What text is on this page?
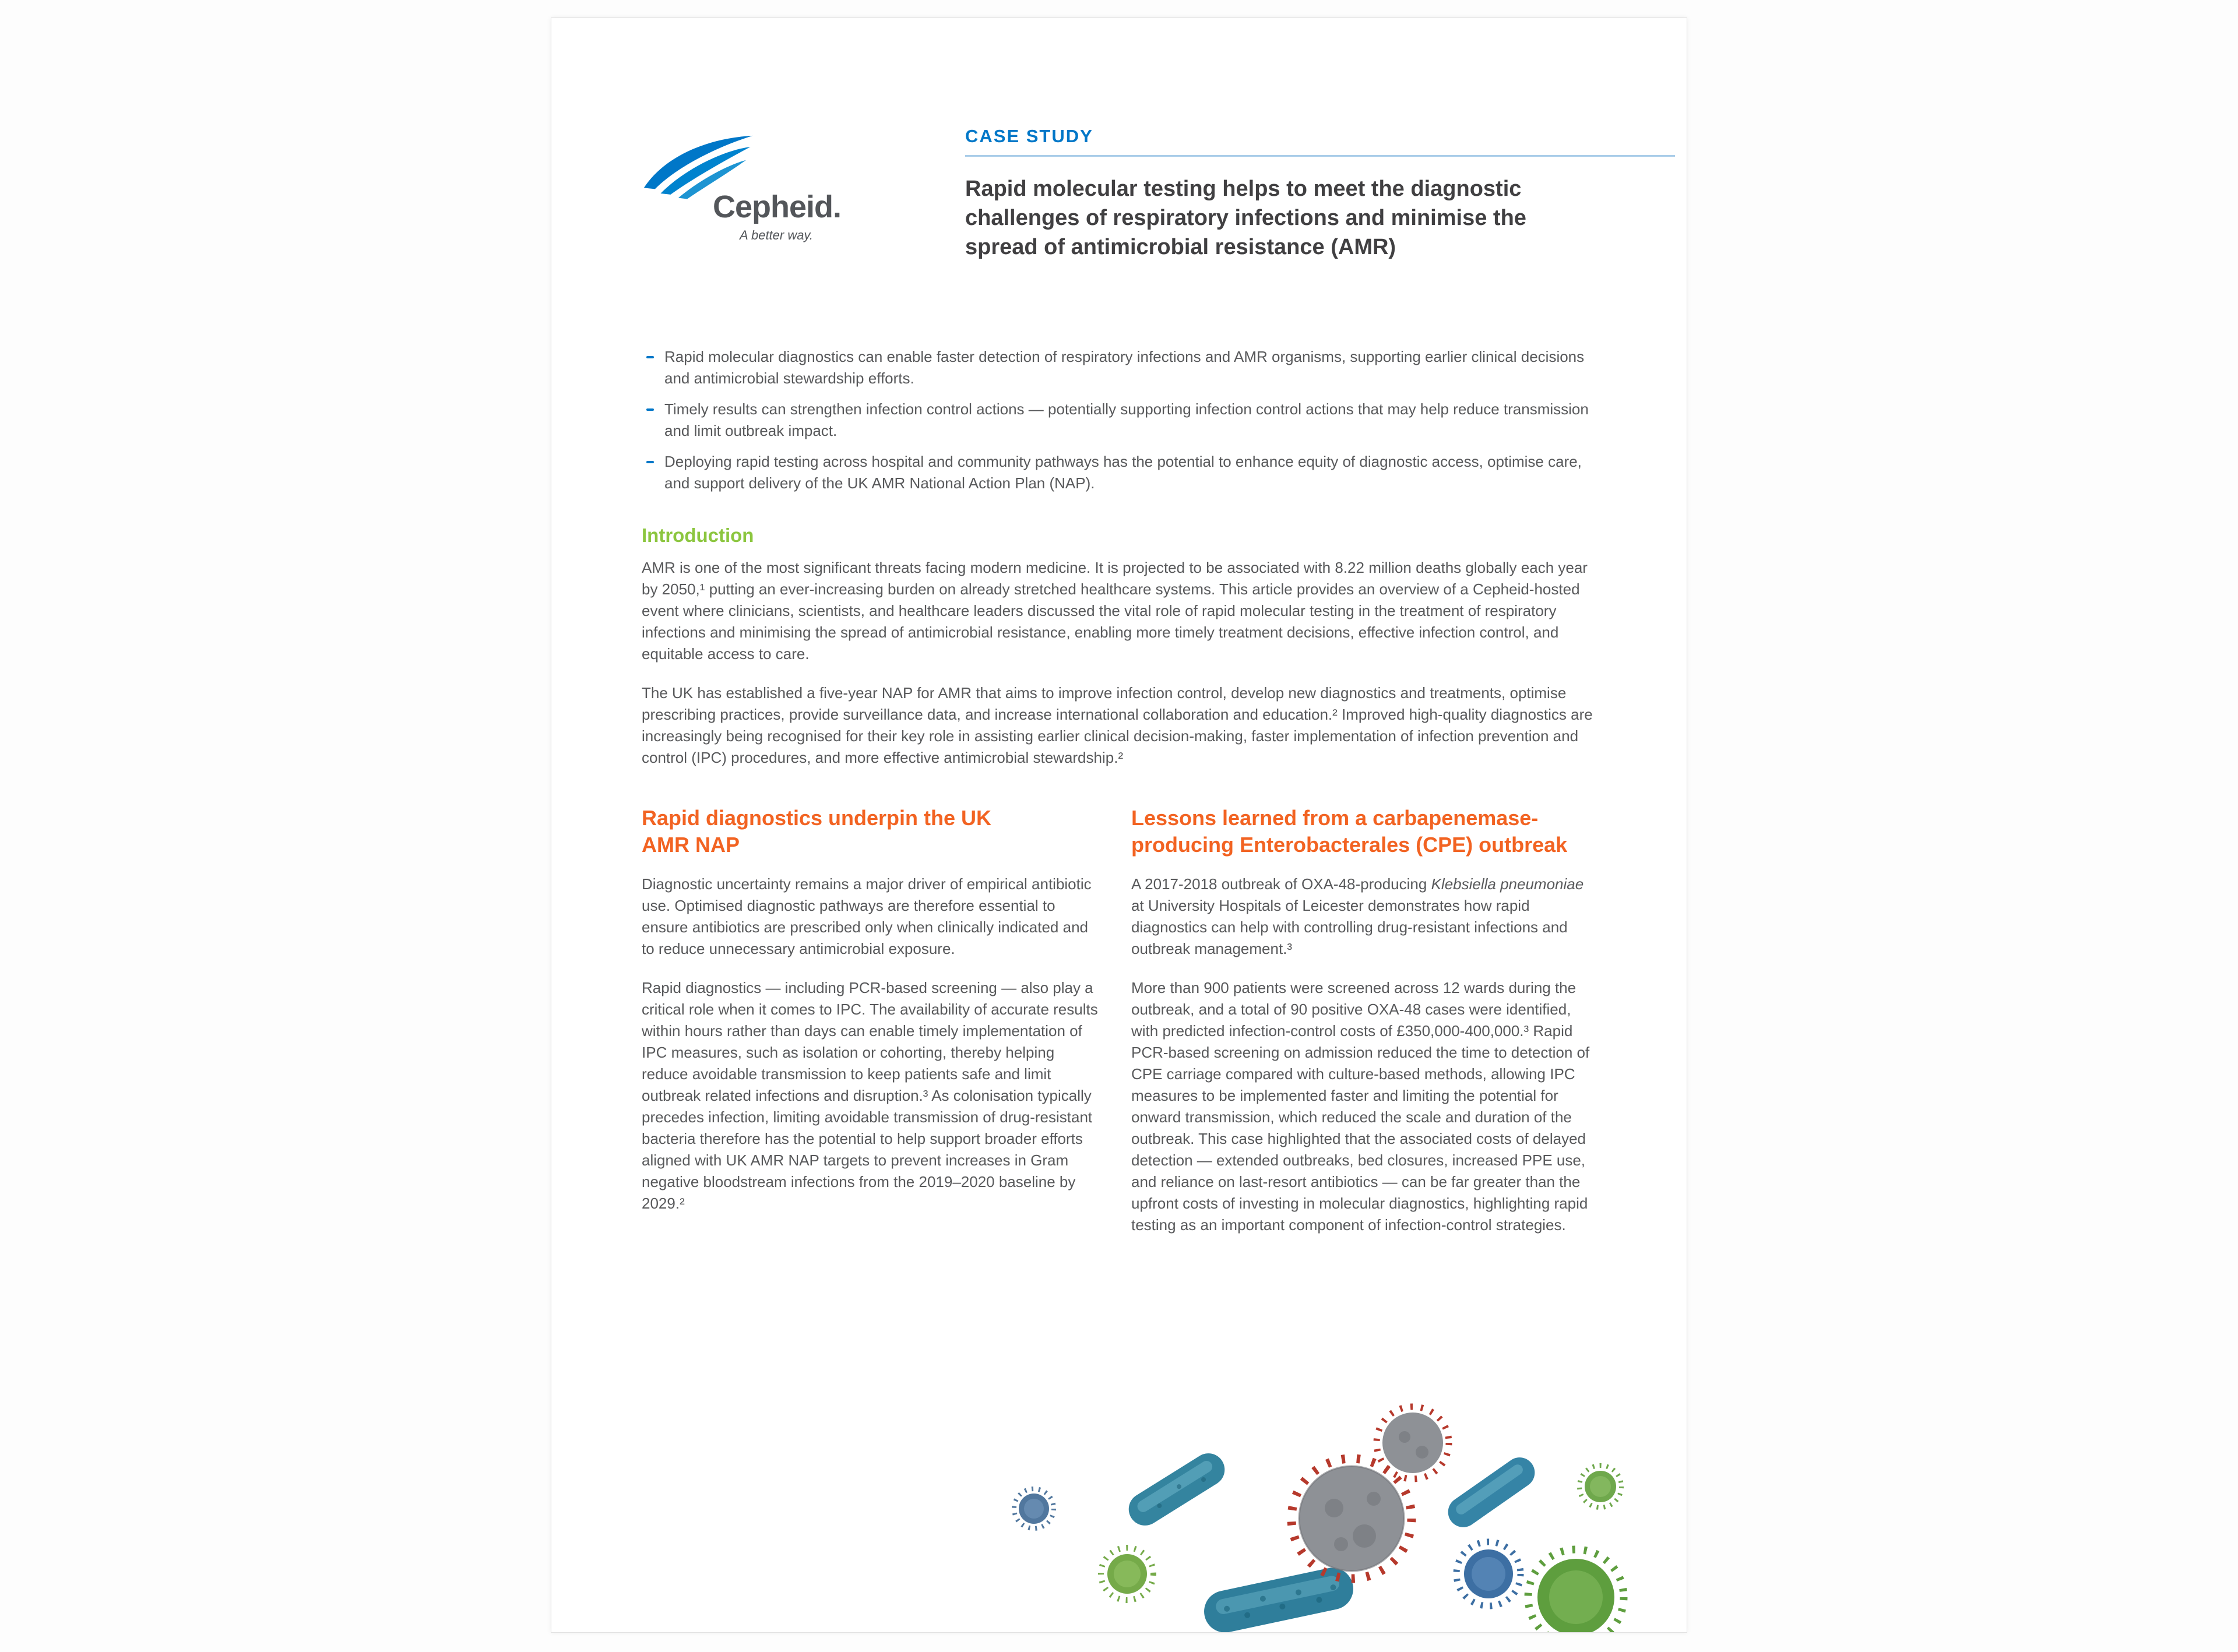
Cepheid.
A better way.
CASE STUDY
Rapid molecular testing helps to meet the diagnostic challenges of respiratory infections and minimise the spread of antimicrobial resistance (AMR)
Rapid molecular diagnostics can enable faster detection of respiratory infections and AMR organisms, supporting earlier clinical decisions and antimicrobial stewardship efforts.
Timely results can strengthen infection control actions — potentially supporting infection control actions that may help reduce transmission and limit outbreak impact.
Deploying rapid testing across hospital and community pathways has the potential to enhance equity of diagnostic access, optimise care, and support delivery of the UK AMR National Action Plan (NAP).
Introduction

AMR is one of the most significant threats facing modern medicine. It is projected to be associated with 8.22 million deaths globally each year by 2050,¹ putting an ever-increasing burden on already stretched healthcare systems. This article provides an overview of a Cepheid-hosted event where clinicians, scientists, and healthcare leaders discussed the vital role of rapid molecular testing in the treatment of respiratory infections and minimising the spread of antimicrobial resistance, enabling more timely treatment decisions, effective infection control, and equitable access to care.

The UK has established a five-year NAP for AMR that aims to improve infection control, develop new diagnostics and treatments, optimise prescribing practices, provide surveillance data, and increase international collaboration and education.² Improved high-quality diagnostics are increasingly being recognised for their key role in assisting earlier clinical decision-making, faster implementation of infection prevention and control (IPC) procedures, and more effective antimicrobial stewardship.²

Rapid diagnostics underpin the UK AMR NAP

Diagnostic uncertainty remains a major driver of empirical antibiotic use. Optimised diagnostic pathways are therefore essential to ensure antibiotics are prescribed only when clinically indicated and to reduce unnecessary antimicrobial exposure.

Rapid diagnostics — including PCR-based screening — also play a critical role when it comes to IPC. The availability of accurate results within hours rather than days can enable timely implementation of IPC measures, such as isolation or cohorting, thereby helping reduce avoidable transmission to keep patients safe and limit outbreak related infections and disruption.³ As colonisation typically precedes infection, limiting avoidable transmission of drug-resistant bacteria therefore has the potential to help support broader efforts aligned with UK AMR NAP targets to prevent increases in Gram negative bloodstream infections from the 2019–2020 baseline by 2029.²

Lessons learned from a carbapenemase-producing Enterobacterales (CPE) outbreak

A 2017-2018 outbreak of OXA-48-producing Klebsiella pneumoniae at University Hospitals of Leicester demonstrates how rapid diagnostics can help with controlling drug-resistant infections and outbreak management.³

More than 900 patients were screened across 12 wards during the outbreak, and a total of 90 positive OXA-48 cases were identified, with predicted infection-control costs of £350,000-400,000.³ Rapid PCR-based screening on admission reduced the time to detection of CPE carriage compared with culture-based methods, allowing IPC measures to be implemented faster and limiting the potential for onward transmission, which reduced the scale and duration of the outbreak. This case highlighted that the associated costs of delayed detection — extended outbreaks, bed closures, increased PPE use, and reliance on last-resort antibiotics — can be far greater than the upfront costs of investing in molecular diagnostics, highlighting rapid testing as an important component of infection-control strategies.
